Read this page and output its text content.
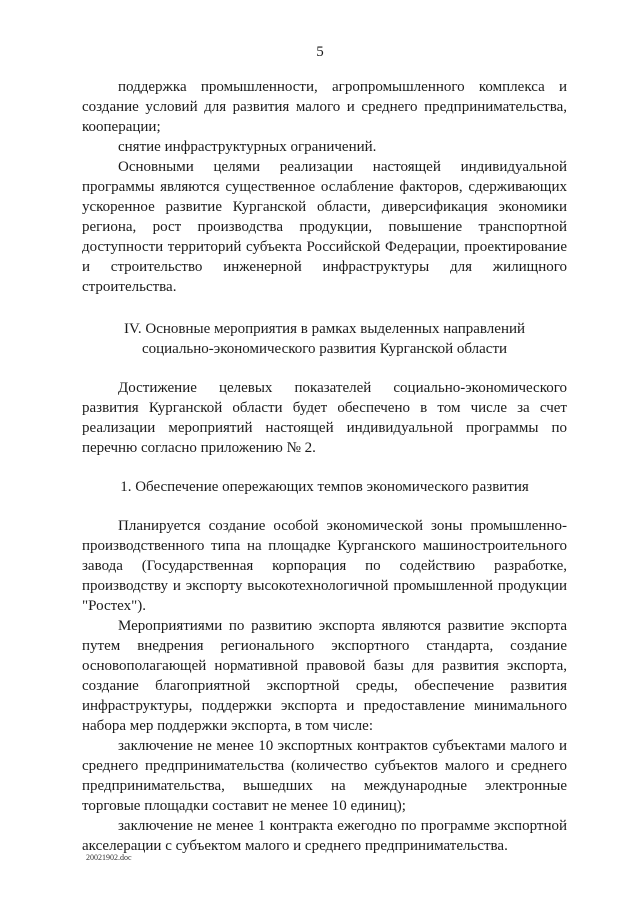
5

поддержка промышленности, агропромышленного комплекса и создание условий для развития малого и среднего предпринимательства, кооперации;

снятие инфраструктурных ограничений.

Основными целями реализации настоящей индивидуальной программы являются существенное ослабление факторов, сдерживающих ускоренное развитие Курганской области, диверсификация экономики региона, рост производства продукции, повышение транспортной доступности территорий субъекта Российской Федерации, проектирование и строительство инженерной инфраструктуры для жилищного строительства.

IV. Основные мероприятия в рамках выделенных направлений
социально-экономического развития Курганской области

Достижение целевых показателей социально-экономического развития Курганской области будет обеспечено в том числе за счет реализации мероприятий настоящей индивидуальной программы по перечню согласно приложению № 2.

1. Обеспечение опережающих темпов экономического развития

Планируется создание особой экономической зоны промышленно-производственного типа на площадке Курганского машиностроительного завода (Государственная корпорация по содействию разработке, производству и экспорту высокотехнологичной промышленной продукции "Ростех").

Мероприятиями по развитию экспорта являются развитие экспорта путем внедрения регионального экспортного стандарта, создание основополагающей нормативной правовой базы для развития экспорта, создание благоприятной экспортной среды, обеспечение развития инфраструктуры, поддержки экспорта и предоставление минимального набора мер поддержки экспорта, в том числе:

заключение не менее 10 экспортных контрактов субъектами малого и среднего предпринимательства (количество субъектов малого и среднего предпринимательства, вышедших на международные электронные торговые площадки составит не менее 10 единиц);

заключение не менее 1 контракта ежегодно по программе экспортной акселерации с субъектом малого и среднего предпринимательства.

20021902.doc
